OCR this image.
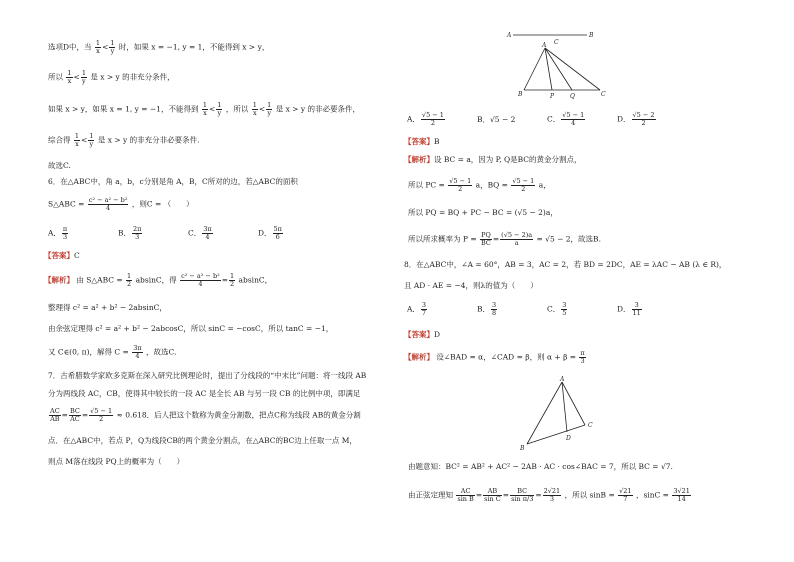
选项D中，当 $\frac{1}{x} < \frac{1}{y}$ 时，如果 x = −1, y = 1，不能得到 x > y，
所以 $\frac{1}{x} < \frac{1}{y}$ 是 x > y 的非充分条件，
如果 x > y，如果 x = 1, y = −1，不能得到 $\frac{1}{x} < \frac{1}{y}$ ，所以 $\frac{1}{x} < \frac{1}{y}$ 是 x > y 的非必要条件，
综合得 $\frac{1}{x} < \frac{1}{y}$ 是 x > y 的非充分非必要条件.
故选C.
6．在△ABC中，角 a，b，c分别是角 A，B，C所对的边，若△ABC的面积
S△ABC = $\frac{\text{c² − a² − b²}}{4}$ ，则C = （　　）
A． $\frac{\pi}{3}$	B． $\frac{2\pi}{3}$	C． $\frac{3\pi}{4}$	D． $\frac{5\pi}{6}$
【答案】C
【解析】 由 S△ABC = $\frac{1}{2}$ absinC，得 $\frac{\text{c² − a² − b²}}{4} = \frac{1}{2}$ absinC，
整理得 c² = a² + b² − 2absinC，
由余弦定理得 c² = a² + b² − 2abcosC，所以 sinC = −cosC，所以 tanC = −1，
又 C∈(0, π)，解得 $C = \frac{3\pi}{4}$ ，故选C.
7．古希腊数学家欧多克斯在深入研究比例理论时，提出了分线段的“中末比”问题：将一线段 AB
分为两线段 AC，CB，使得其中较长的一段 AC 是全长 AB 与另一段 CB 的比例中项，即满足
$\frac{AC}{AB} = \frac{BC}{AC} = \frac{√5 - 1}{2} \approx 0.618$．后人把这个数称为黄金分割数，把点C称为线段 AB的黄金分割
点．在△ABC中，若点 P，Q为线段CB的两个黄金分割点，在△ABC的BC边上任取一点 M，
则点 M落在线段 PQ上的概率为（　　）
A
C
B
A
B	P	Q	C
A． $\frac{√5 - 1}{2}$	B．√5 − 2	C． $\frac{√5 - 1}{4}$	D． $\frac{√5 - 2}{2}$
【答案】B
【解析】设 BC = a，因为 P, Q是BC的黄金分割点，
所以 PC = $\frac{√5 - 1}{2}$ a，BQ = $\frac{√5 - 1}{2}$ a，
所以 PQ = BQ + PC − BC = (√5 − 2)a，
所以所求概率为 $P = \frac{PQ}{BC} = \frac{(√5 - 2)a}{a} = √5 - 2$，故选B.
8．在△ABC中，∠A = 60°，AB = 3，AC = 2，若 BD = 2DC，AE = λAC − AB (λ ∈ R)，
且 AD · AE = −4，则λ的值为（　　）
A． $\frac{3}{7}$	B． $\frac{3}{8}$	C． $\frac{3}{5}$	D． $\frac{3}{11}$
【答案】D
【解析】 设∠BAD = α，∠CAD = β，则 $\alpha + \beta = \frac{\pi}{3}$
A
B
C
D
由题意知：BC² = AB² + AC² − 2AB · AC · cos∠BAC = 7，所以 BC = √7.
由正弦定理知 $\frac{AC}{\text{sin B}} = \frac{AB}{\text{sin C}} = \frac{BC}{\text{sin π/3}} = \frac{2√21}{3}$ ，所以 $\sin B = \frac{√21}{7}$ ，$\sin C = \frac{3√21}{14}$
